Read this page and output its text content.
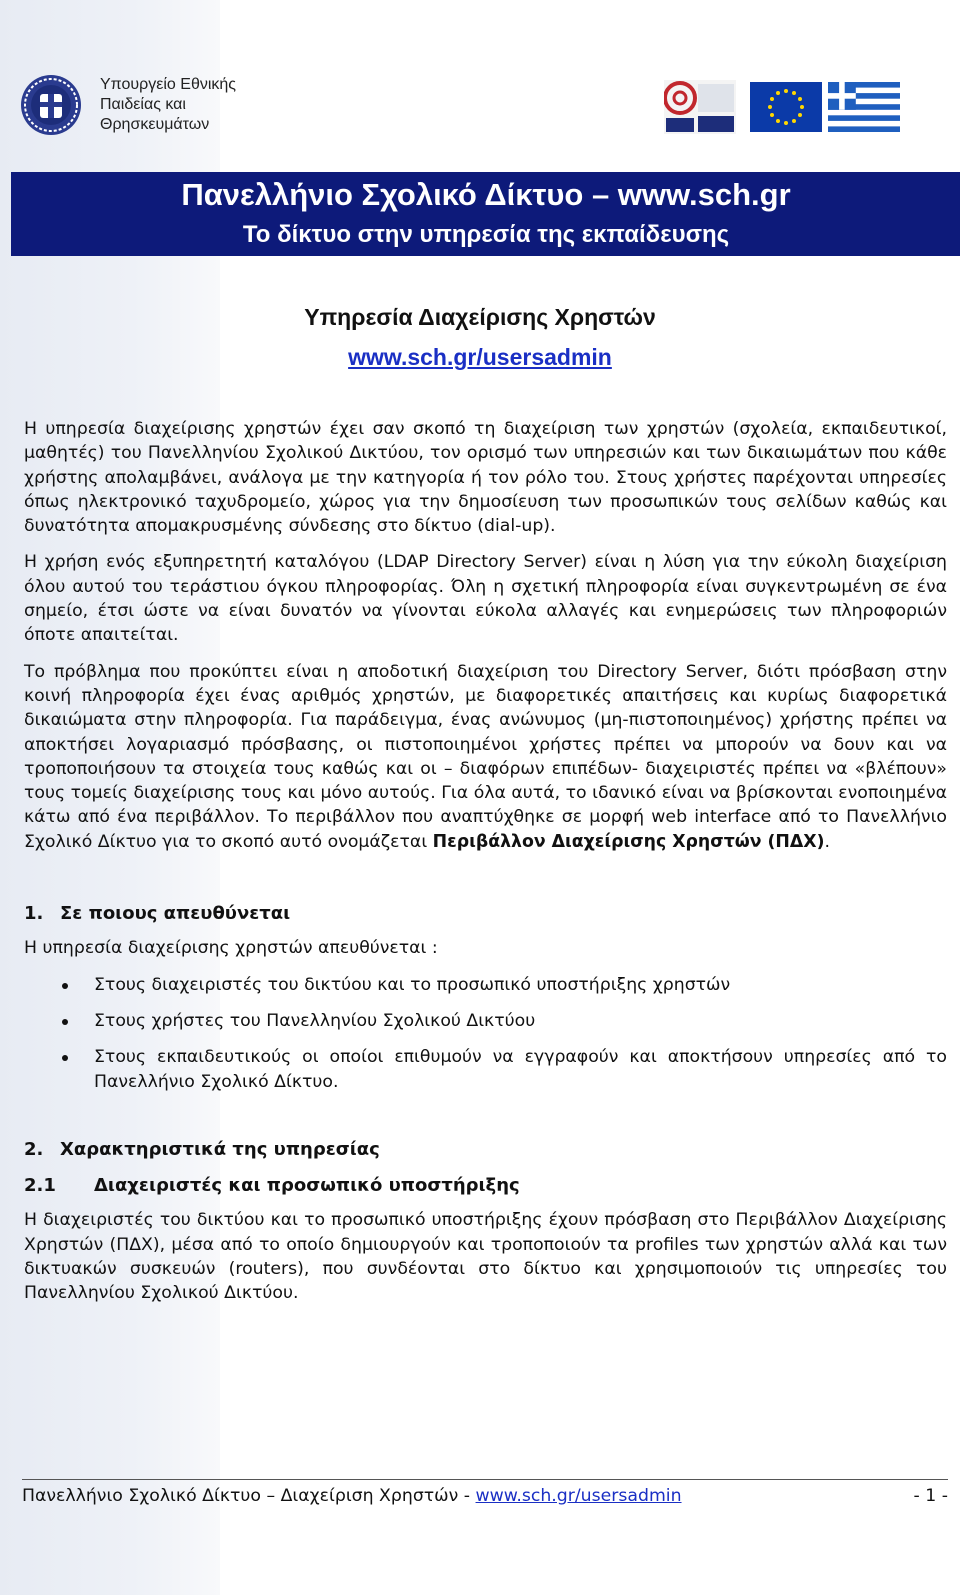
Υπουργείο Εθνικής
Παιδείας και
Θρησκευμάτων
Πανελλήνιο Σχολικό Δίκτυο – www.sch.gr
Το δίκτυο στην υπηρεσία της εκπαίδευσης
Υπηρεσία Διαχείρισης Χρηστών
www.sch.gr/usersadmin

Η υπηρεσία διαχείρισης χρηστών έχει σαν σκοπό τη διαχείριση των χρηστών (σχολεία, εκπαιδευτικοί, μαθητές) του Πανελληνίου Σχολικού Δικτύου, τον ορισμό των υπηρεσιών και των δικαιωμάτων που κάθε χρήστης απολαμβάνει, ανάλογα με την κατηγορία ή τον ρόλο του. Στους χρήστες παρέχονται υπηρεσίες όπως ηλεκτρονικό ταχυδρομείο, χώρος για την δημοσίευση των προσωπικών τους σελίδων καθώς και δυνατότητα απομακρυσμένης σύνδεσης στο δίκτυο (dial-up).

Η χρήση ενός εξυπηρετητή καταλόγου (LDAP Directory Server) είναι η λύση για την εύκολη διαχείριση όλου αυτού του τεράστιου όγκου πληροφορίας. Όλη η σχετική πληροφορία είναι συγκεντρωμένη σε ένα σημείο, έτσι ώστε να είναι δυνατόν να γίνονται εύκολα αλλαγές και ενημερώσεις των πληροφοριών όποτε απαιτείται.

Το πρόβλημα που προκύπτει είναι η αποδοτική διαχείριση του Directory Server, διότι πρόσβαση στην κοινή πληροφορία έχει ένας αριθμός χρηστών, με διαφορετικές απαιτήσεις και κυρίως διαφορετικά δικαιώματα στην πληροφορία. Για παράδειγμα, ένας ανώνυμος (μη-πιστοποιημένος) χρήστης πρέπει να αποκτήσει λογαριασμό πρόσβασης, οι πιστοποιημένοι χρήστες πρέπει να μπορούν να δουν και να τροποποιήσουν τα στοιχεία τους καθώς και οι – διαφόρων επιπέδων- διαχειριστές πρέπει να «βλέπουν» τους τομείς διαχείρισης τους και μόνο αυτούς. Για όλα αυτά, το ιδανικό είναι να βρίσκονται ενοποιημένα κάτω από ένα περιβάλλον. Το περιβάλλον που αναπτύχθηκε σε μορφή web interface από το Πανελλήνιο Σχολικό Δίκτυο για το σκοπό αυτό ονομάζεται Περιβάλλον Διαχείρισης Χρηστών (ΠΔΧ).

1. Σε ποιους απευθύνεται

Η υπηρεσία διαχείρισης χρηστών απευθύνεται :

Στους διαχειριστές του δικτύου και το προσωπικό υποστήριξης χρηστών
Στους χρήστες του Πανελληνίου Σχολικού Δικτύου
Στους εκπαιδευτικούς οι οποίοι επιθυμούν να εγγραφούν και αποκτήσουν υπηρεσίες από το Πανελλήνιο Σχολικό Δίκτυο.
2. Χαρακτηριστικά της υπηρεσίας
2.1 Διαχειριστές και προσωπικό υποστήριξης

Η διαχειριστές του δικτύου και το προσωπικό υποστήριξης έχουν πρόσβαση στο Περιβάλλον Διαχείρισης Χρηστών (ΠΔΧ), μέσα από το οποίο δημιουργούν και τροποποιούν τα profiles των χρηστών αλλά και των δικτυακών συσκευών (routers), που συνδέονται στο δίκτυο και χρησιμοποιούν τις υπηρεσίες του Πανελληνίου Σχολικού Δικτύου.

Πανελλήνιο Σχολικό Δίκτυο – Διαχείριση Χρηστών - www.sch.gr/usersadmin	- 1 -
